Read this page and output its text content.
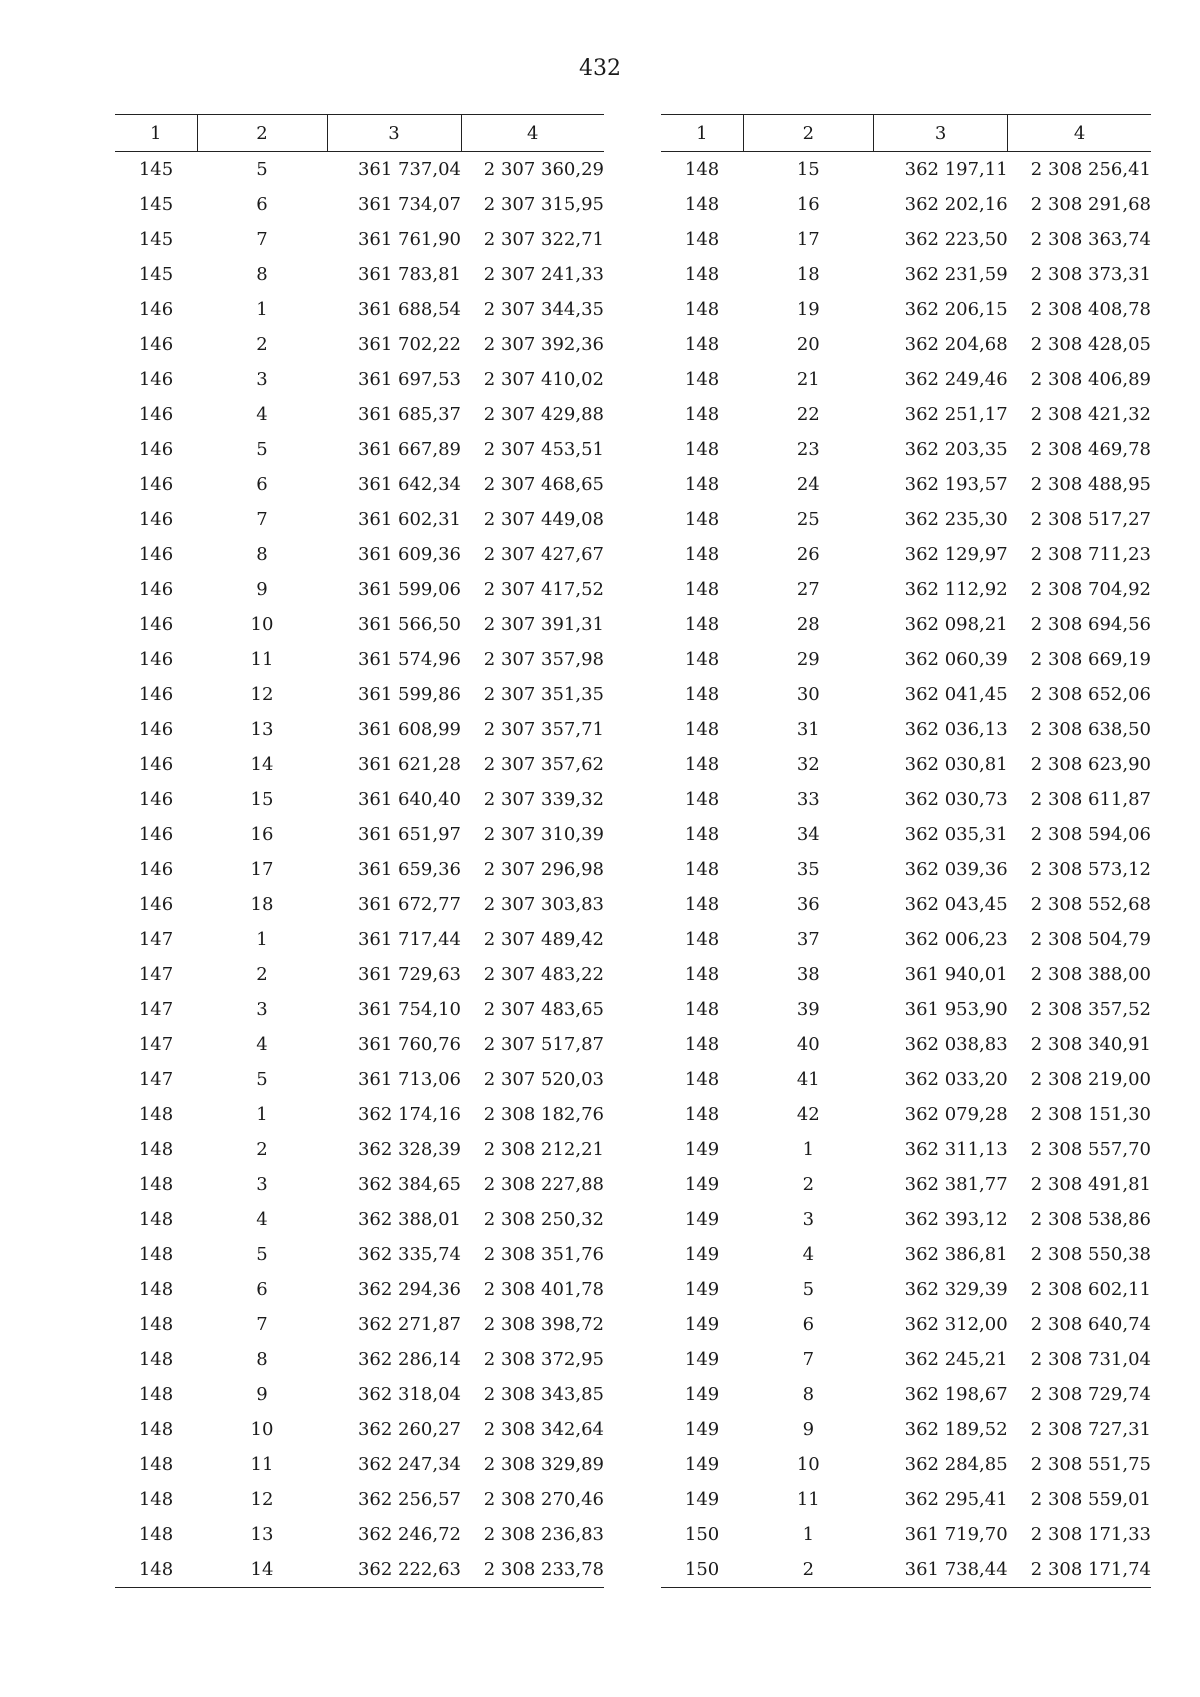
432
1	2	3	4
145	5	361 737,04	2 307 360,29
145	6	361 734,07	2 307 315,95
145	7	361 761,90	2 307 322,71
145	8	361 783,81	2 307 241,33
146	1	361 688,54	2 307 344,35
146	2	361 702,22	2 307 392,36
146	3	361 697,53	2 307 410,02
146	4	361 685,37	2 307 429,88
146	5	361 667,89	2 307 453,51
146	6	361 642,34	2 307 468,65
146	7	361 602,31	2 307 449,08
146	8	361 609,36	2 307 427,67
146	9	361 599,06	2 307 417,52
146	10	361 566,50	2 307 391,31
146	11	361 574,96	2 307 357,98
146	12	361 599,86	2 307 351,35
146	13	361 608,99	2 307 357,71
146	14	361 621,28	2 307 357,62
146	15	361 640,40	2 307 339,32
146	16	361 651,97	2 307 310,39
146	17	361 659,36	2 307 296,98
146	18	361 672,77	2 307 303,83
147	1	361 717,44	2 307 489,42
147	2	361 729,63	2 307 483,22
147	3	361 754,10	2 307 483,65
147	4	361 760,76	2 307 517,87
147	5	361 713,06	2 307 520,03
148	1	362 174,16	2 308 182,76
148	2	362 328,39	2 308 212,21
148	3	362 384,65	2 308 227,88
148	4	362 388,01	2 308 250,32
148	5	362 335,74	2 308 351,76
148	6	362 294,36	2 308 401,78
148	7	362 271,87	2 308 398,72
148	8	362 286,14	2 308 372,95
148	9	362 318,04	2 308 343,85
148	10	362 260,27	2 308 342,64
148	11	362 247,34	2 308 329,89
148	12	362 256,57	2 308 270,46
148	13	362 246,72	2 308 236,83
148	14	362 222,63	2 308 233,78
1	2	3	4
148	15	362 197,11	2 308 256,41
148	16	362 202,16	2 308 291,68
148	17	362 223,50	2 308 363,74
148	18	362 231,59	2 308 373,31
148	19	362 206,15	2 308 408,78
148	20	362 204,68	2 308 428,05
148	21	362 249,46	2 308 406,89
148	22	362 251,17	2 308 421,32
148	23	362 203,35	2 308 469,78
148	24	362 193,57	2 308 488,95
148	25	362 235,30	2 308 517,27
148	26	362 129,97	2 308 711,23
148	27	362 112,92	2 308 704,92
148	28	362 098,21	2 308 694,56
148	29	362 060,39	2 308 669,19
148	30	362 041,45	2 308 652,06
148	31	362 036,13	2 308 638,50
148	32	362 030,81	2 308 623,90
148	33	362 030,73	2 308 611,87
148	34	362 035,31	2 308 594,06
148	35	362 039,36	2 308 573,12
148	36	362 043,45	2 308 552,68
148	37	362 006,23	2 308 504,79
148	38	361 940,01	2 308 388,00
148	39	361 953,90	2 308 357,52
148	40	362 038,83	2 308 340,91
148	41	362 033,20	2 308 219,00
148	42	362 079,28	2 308 151,30
149	1	362 311,13	2 308 557,70
149	2	362 381,77	2 308 491,81
149	3	362 393,12	2 308 538,86
149	4	362 386,81	2 308 550,38
149	5	362 329,39	2 308 602,11
149	6	362 312,00	2 308 640,74
149	7	362 245,21	2 308 731,04
149	8	362 198,67	2 308 729,74
149	9	362 189,52	2 308 727,31
149	10	362 284,85	2 308 551,75
149	11	362 295,41	2 308 559,01
150	1	361 719,70	2 308 171,33
150	2	361 738,44	2 308 171,74
